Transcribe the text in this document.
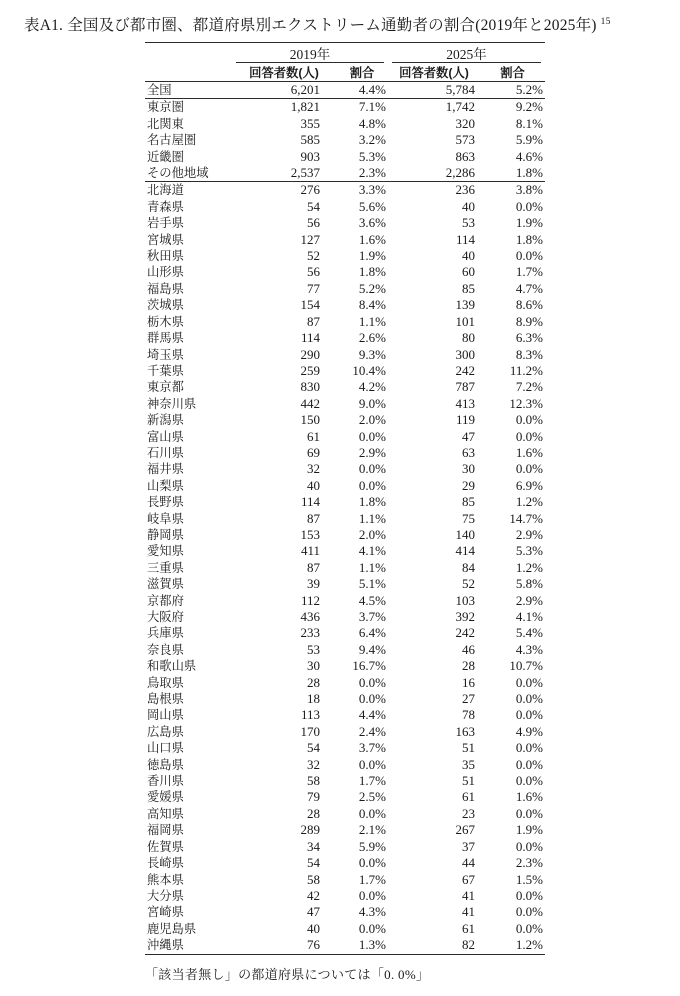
表A1. 全国及び都市圏、都道府県別エクストリーム通勤者の割合(2019年と2025年) $^{15}$
	2019年		2025年	
	回答者数(人)	割合	回答者数(人)	割合
全国	6,201	4.4%	5,784	5.2%
東京圏	1,821	7.1%	1,742	9.2%
北関東	355	4.8%	320	8.1%
名古屋圏	585	3.2%	573	5.9%
近畿圏	903	5.3%	863	4.6%
その他地域	2,537	2.3%	2,286	1.8%
北海道	276	3.3%	236	3.8%
青森県	54	5.6%	40	0.0%
岩手県	56	3.6%	53	1.9%
宮城県	127	1.6%	114	1.8%
秋田県	52	1.9%	40	0.0%
山形県	56	1.8%	60	1.7%
福島県	77	5.2%	85	4.7%
茨城県	154	8.4%	139	8.6%
栃木県	87	1.1%	101	8.9%
群馬県	114	2.6%	80	6.3%
埼玉県	290	9.3%	300	8.3%
千葉県	259	10.4%	242	11.2%
東京都	830	4.2%	787	7.2%
神奈川県	442	9.0%	413	12.3%
新潟県	150	2.0%	119	0.0%
富山県	61	0.0%	47	0.0%
石川県	69	2.9%	63	1.6%
福井県	32	0.0%	30	0.0%
山梨県	40	0.0%	29	6.9%
長野県	114	1.8%	85	1.2%
岐阜県	87	1.1%	75	14.7%
静岡県	153	2.0%	140	2.9%
愛知県	411	4.1%	414	5.3%
三重県	87	1.1%	84	1.2%
滋賀県	39	5.1%	52	5.8%
京都府	112	4.5%	103	2.9%
大阪府	436	3.7%	392	4.1%
兵庫県	233	6.4%	242	5.4%
奈良県	53	9.4%	46	4.3%
和歌山県	30	16.7%	28	10.7%
鳥取県	28	0.0%	16	0.0%
島根県	18	0.0%	27	0.0%
岡山県	113	4.4%	78	0.0%
広島県	170	2.4%	163	4.9%
山口県	54	3.7%	51	0.0%
徳島県	32	0.0%	35	0.0%
香川県	58	1.7%	51	0.0%
愛媛県	79	2.5%	61	1.6%
高知県	28	0.0%	23	0.0%
福岡県	289	2.1%	267	1.9%
佐賀県	34	5.9%	37	0.0%
長崎県	54	0.0%	44	2.3%
熊本県	58	1.7%	67	1.5%
大分県	42	0.0%	41	0.0%
宮崎県	47	4.3%	41	0.0%
鹿児島県	40	0.0%	61	0.0%
沖縄県	76	1.3%	82	1.2%
「該当者無し」の都道府県については「0. 0%」
